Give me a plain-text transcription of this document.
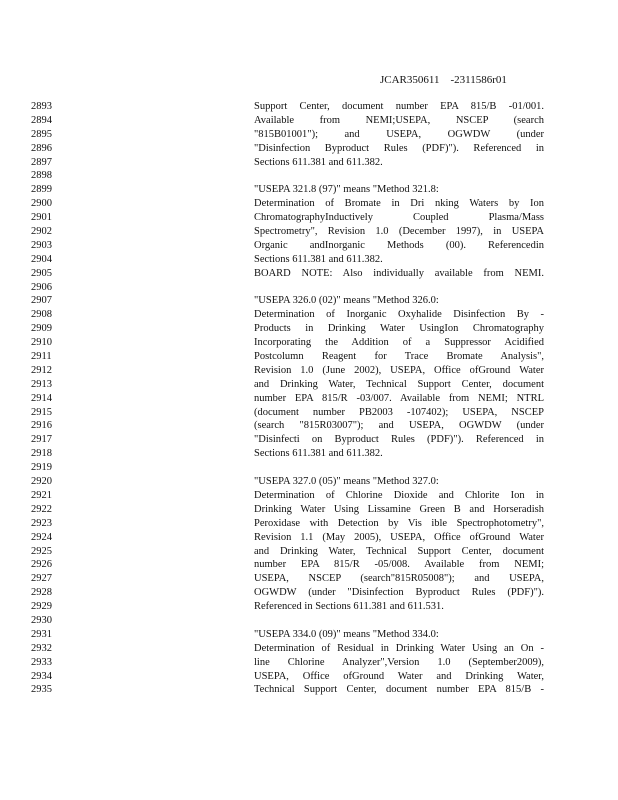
JCAR350611    -2311586r01
2893
2894
2895
2896
2897
2898
2899
2900
2901
2902
2903
2904
2905
2906
2907
2908
2909
2910
2911
2912
2913
2914
2915
2916
2917
2918
2919
2920
2921
2922
2923
2924
2925
2926
2927
2928
2929
2930
2931
2932
2933
2934
2935
Support Center, document number EPA 815/B -01/001.
Available from NEMI;USEPA, NSCEP (search
"815B01001"); and USEPA, OGWDW (under
"Disinfection Byproduct Rules (PDF)"). Referenced in
Sections 611.381 and 611.382.
"USEPA 321.8 (97)" means "Method 321.8:
Determination of Bromate in Dri nking Waters by Ion
ChromatographyInductively Coupled Plasma/Mass
Spectrometry", Revision 1.0 (December 1997), in USEPA
Organic andInorganic Methods (00). Referencedin
Sections 611.381 and 611.382.
BOARD NOTE: Also individually available from NEMI.
"USEPA 326.0 (02)" means "Method 326.0:
Determination of Inorganic Oxyhalide Disinfection By -
Products in Drinking Water UsingIon Chromatography
Incorporating the Addition of a Suppressor Acidified
Postcolumn Reagent for Trace Bromate Analysis",
Revision 1.0 (June 2002), USEPA, Office ofGround Water
and Drinking Water, Technical Support Center, document
number EPA 815/R -03/007. Available from NEMI; NTRL
(document number PB2003 -107402); USEPA, NSCEP
(search "815R03007"); and USEPA, OGWDW (under
"Disinfecti on Byproduct Rules (PDF)"). Referenced in
Sections 611.381 and 611.382.
"USEPA 327.0 (05)" means "Method 327.0:
Determination of Chlorine Dioxide and Chlorite Ion in
Drinking Water Using Lissamine Green B and Horseradish
Peroxidase with Detection by Vis ible Spectrophotometry",
Revision 1.1 (May 2005), USEPA, Office ofGround Water
and Drinking Water, Technical Support Center, document
number EPA 815/R -05/008. Available from NEMI;
USEPA, NSCEP (search"815R05008"); and USEPA,
OGWDW (under "Disinfection Byproduct Rules (PDF)").
Referenced in Sections 611.381 and 611.531.
"USEPA 334.0 (09)" means "Method 334.0:
Determination of Residual in Drinking Water Using an On -
line Chlorine Analyzer",Version 1.0 (September2009),
USEPA, Office ofGround Water and Drinking Water,
Technical Support Center, document number EPA 815/B -
